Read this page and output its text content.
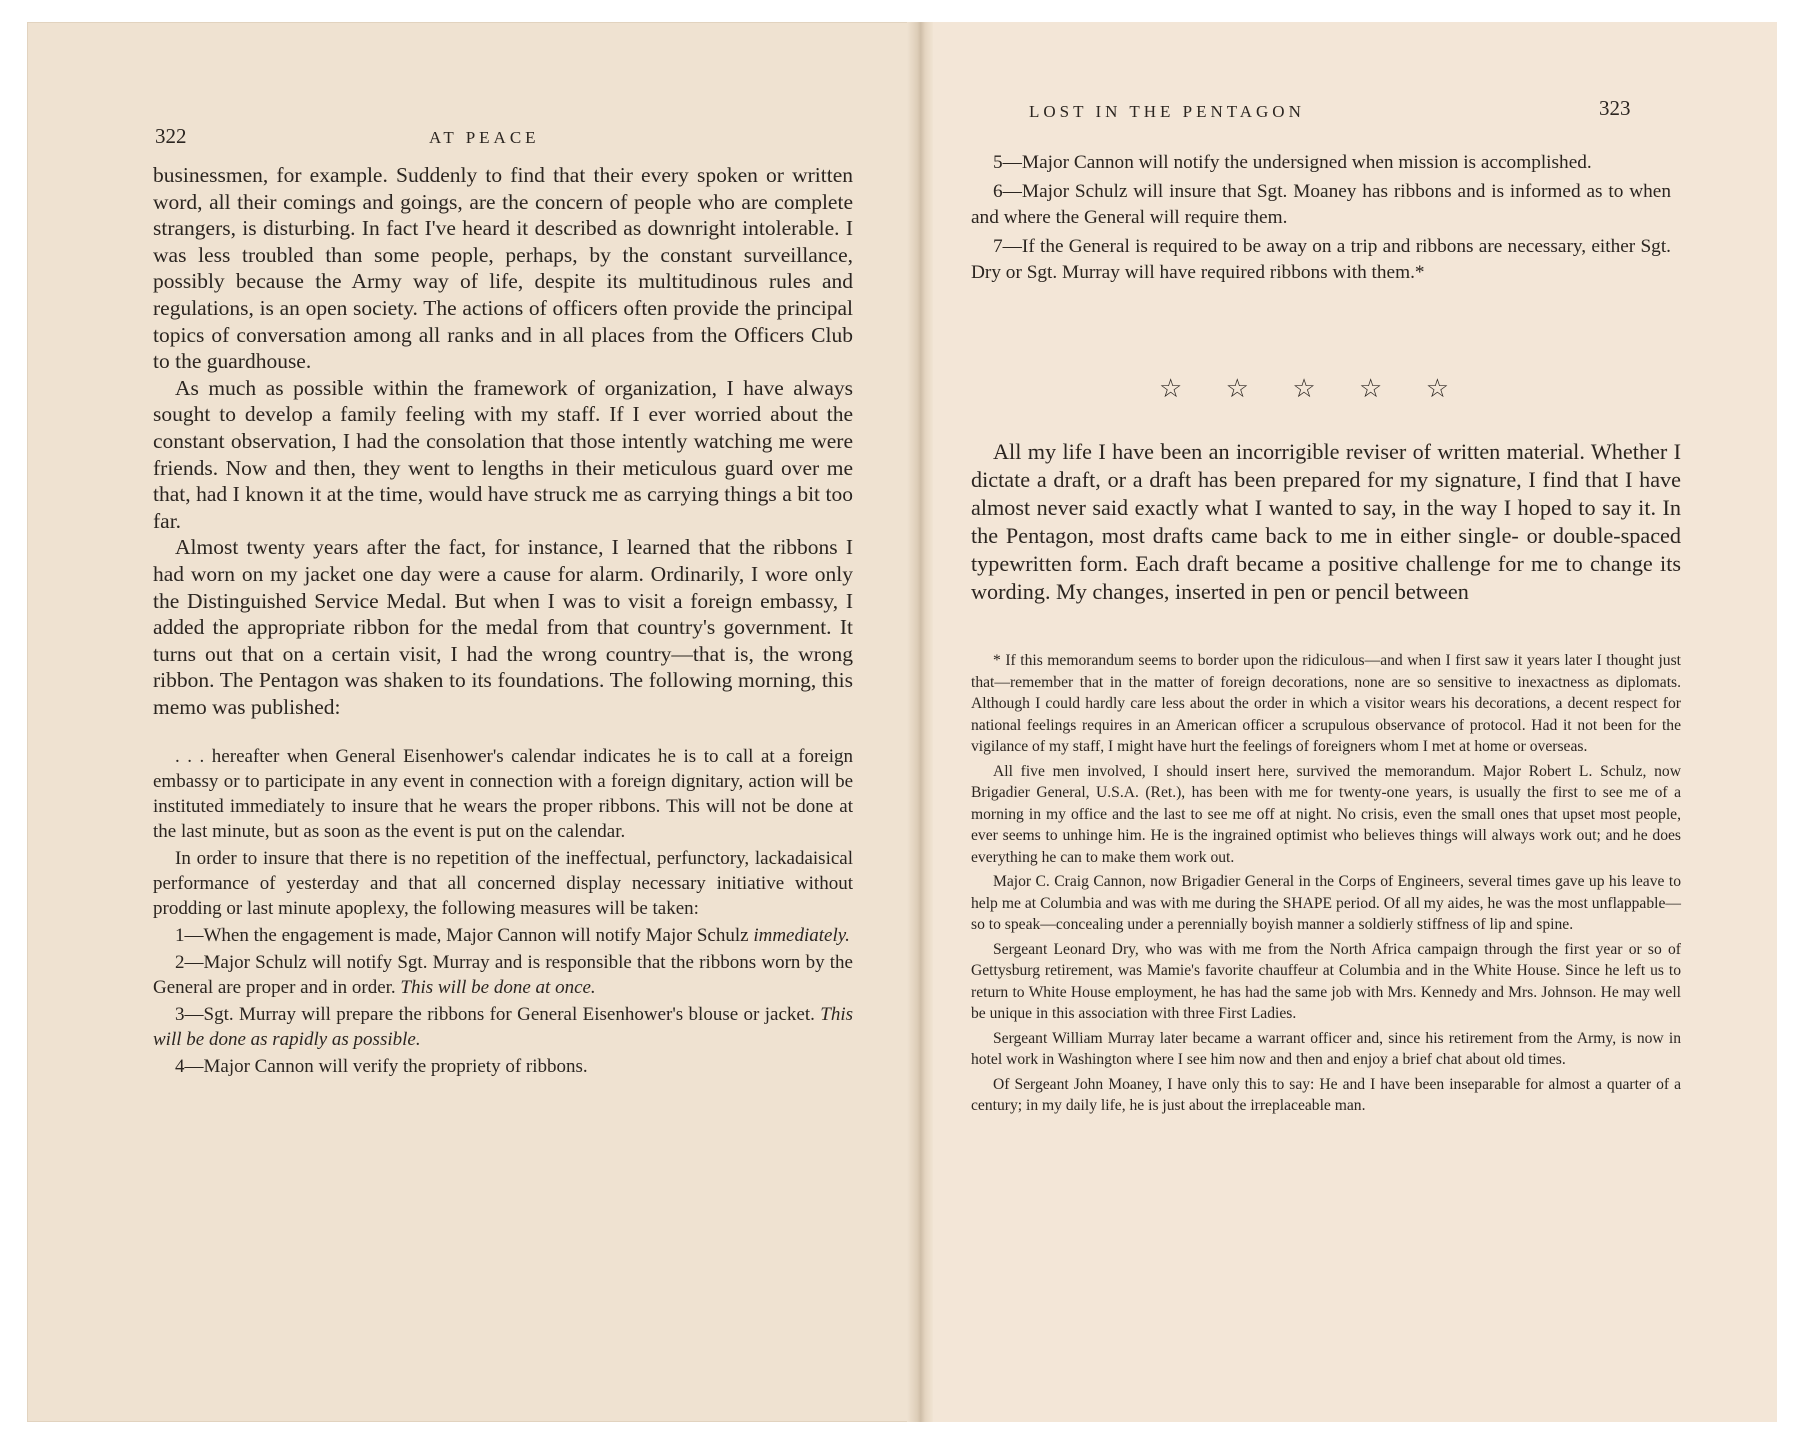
322	AT PEACE

businessmen, for example. Suddenly to find that their every spoken or written word, all their comings and goings, are the concern of people who are complete strangers, is disturbing. In fact I've heard it described as downright intolerable. I was less troubled than some people, perhaps, by the constant surveillance, possibly because the Army way of life, despite its multitudinous rules and regulations, is an open society. The actions of officers often provide the principal topics of conversation among all ranks and in all places from the Officers Club to the guardhouse.

As much as possible within the framework of organization, I have always sought to develop a family feeling with my staff. If I ever worried about the constant observation, I had the consolation that those intently watching me were friends. Now and then, they went to lengths in their meticulous guard over me that, had I known it at the time, would have struck me as carrying things a bit too far.

Almost twenty years after the fact, for instance, I learned that the ribbons I had worn on my jacket one day were a cause for alarm. Ordinarily, I wore only the Distinguished Service Medal. But when I was to visit a foreign embassy, I added the appropriate ribbon for the medal from that country's government. It turns out that on a certain visit, I had the wrong country—that is, the wrong ribbon. The Pentagon was shaken to its foundations. The following morning, this memo was published:

. . . hereafter when General Eisenhower's calendar indicates he is to call at a foreign embassy or to participate in any event in connection with a foreign dignitary, action will be instituted immediately to insure that he wears the proper ribbons. This will not be done at the last minute, but as soon as the event is put on the calendar.

In order to insure that there is no repetition of the ineffectual, perfunctory, lackadaisical performance of yesterday and that all concerned display necessary initiative without prodding or last minute apoplexy, the following measures will be taken:

1—When the engagement is made, Major Cannon will notify Major Schulz immediately.

2—Major Schulz will notify Sgt. Murray and is responsible that the ribbons worn by the General are proper and in order. This will be done at once.

3—Sgt. Murray will prepare the ribbons for General Eisenhower's blouse or jacket. This will be done as rapidly as possible.

4—Major Cannon will verify the propriety of ribbons.

LOST IN THE PENTAGON	323

5—Major Cannon will notify the undersigned when mission is accomplished.

6—Major Schulz will insure that Sgt. Moaney has ribbons and is informed as to when and where the General will require them.

7—If the General is required to be away on a trip and ribbons are necessary, either Sgt. Dry or Sgt. Murray will have required ribbons with them.*

☆ ☆ ☆ ☆ ☆

All my life I have been an incorrigible reviser of written material. Whether I dictate a draft, or a draft has been prepared for my signature, I find that I have almost never said exactly what I wanted to say, in the way I hoped to say it. In the Pentagon, most drafts came back to me in either single- or double-spaced typewritten form. Each draft became a positive challenge for me to change its wording. My changes, inserted in pen or pencil between

* If this memorandum seems to border upon the ridiculous—and when I first saw it years later I thought just that—remember that in the matter of foreign decorations, none are so sensitive to inexactness as diplomats. Although I could hardly care less about the order in which a visitor wears his decorations, a decent respect for national feelings requires in an American officer a scrupulous observance of protocol. Had it not been for the vigilance of my staff, I might have hurt the feelings of foreigners whom I met at home or overseas.

All five men involved, I should insert here, survived the memorandum. Major Robert L. Schulz, now Brigadier General, U.S.A. (Ret.), has been with me for twenty-one years, is usually the first to see me of a morning in my office and the last to see me off at night. No crisis, even the small ones that upset most people, ever seems to unhinge him. He is the ingrained optimist who believes things will always work out; and he does everything he can to make them work out.

Major C. Craig Cannon, now Brigadier General in the Corps of Engineers, several times gave up his leave to help me at Columbia and was with me during the SHAPE period. Of all my aides, he was the most unflappable—so to speak—concealing under a perennially boyish manner a soldierly stiffness of lip and spine.

Sergeant Leonard Dry, who was with me from the North Africa campaign through the first year or so of Gettysburg retirement, was Mamie's favorite chauffeur at Columbia and in the White House. Since he left us to return to White House employment, he has had the same job with Mrs. Kennedy and Mrs. Johnson. He may well be unique in this association with three First Ladies.

Sergeant William Murray later became a warrant officer and, since his retirement from the Army, is now in hotel work in Washington where I see him now and then and enjoy a brief chat about old times.

Of Sergeant John Moaney, I have only this to say: He and I have been inseparable for almost a quarter of a century; in my daily life, he is just about the irreplaceable man.
